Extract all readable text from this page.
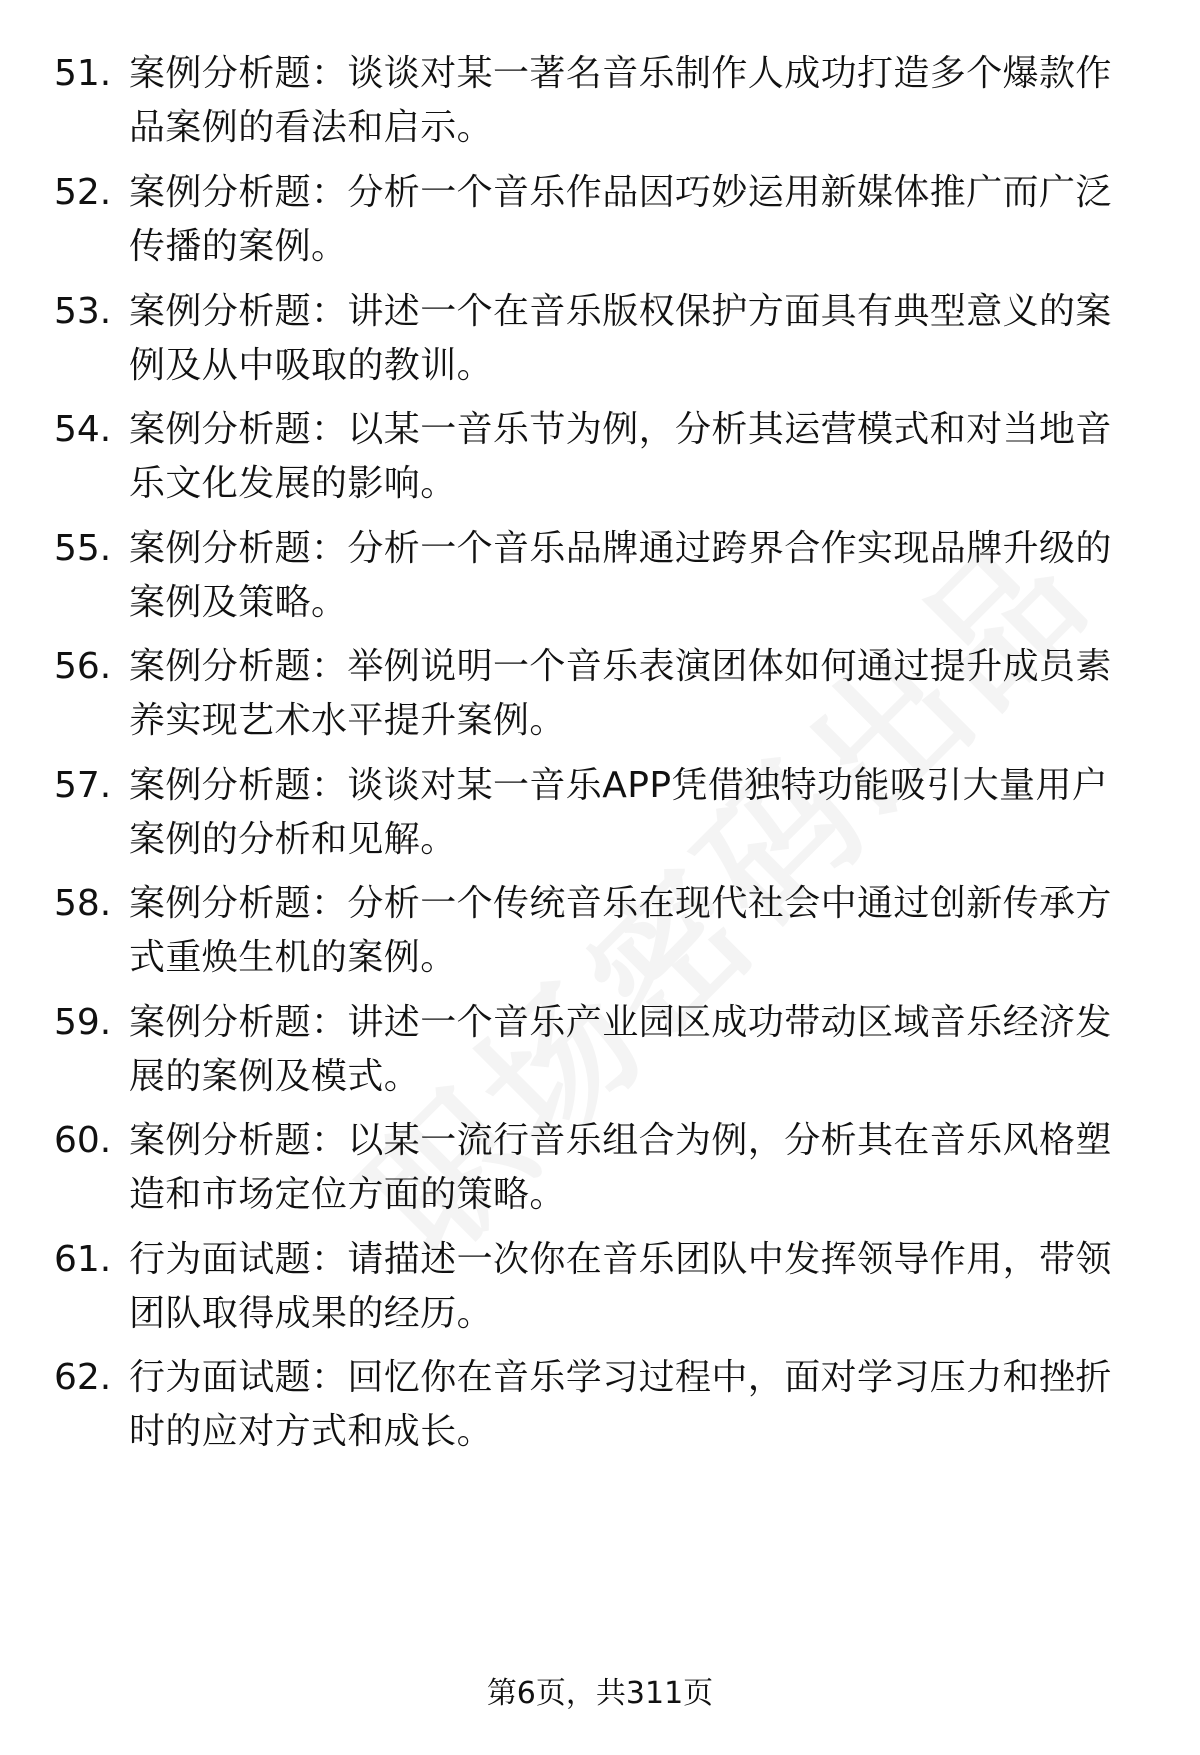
51. 案例分析题：谈谈对某一著名音乐制作人成功打造多个爆款作品案例的看法和启示。
52. 案例分析题：分析一个音乐作品因巧妙运用新媒体推广而广泛传播的案例。
53. 案例分析题：讲述一个在音乐版权保护方面具有典型意义的案例及从中吸取的教训。
54. 案例分析题：以某一音乐节为例，分析其运营模式和对当地音乐文化发展的影响。
55. 案例分析题：分析一个音乐品牌通过跨界合作实现品牌升级的案例及策略。
56. 案例分析题：举例说明一个音乐表演团体如何通过提升成员素养实现艺术水平提升案例。
57. 案例分析题：谈谈对某一音乐APP凭借独特功能吸引大量用户案例的分析和见解。
58. 案例分析题：分析一个传统音乐在现代社会中通过创新传承方式重焕生机的案例。
59. 案例分析题：讲述一个音乐产业园区成功带动区域音乐经济发展的案例及模式。
60. 案例分析题：以某一流行音乐组合为例，分析其在音乐风格塑造和市场定位方面的策略。
61. 行为面试题：请描述一次你在音乐团队中发挥领导作用，带领团队取得成果的经历。
62. 行为面试题：回忆你在音乐学习过程中，面对学习压力和挫折时的应对方式和成长。
第6页，共311页
